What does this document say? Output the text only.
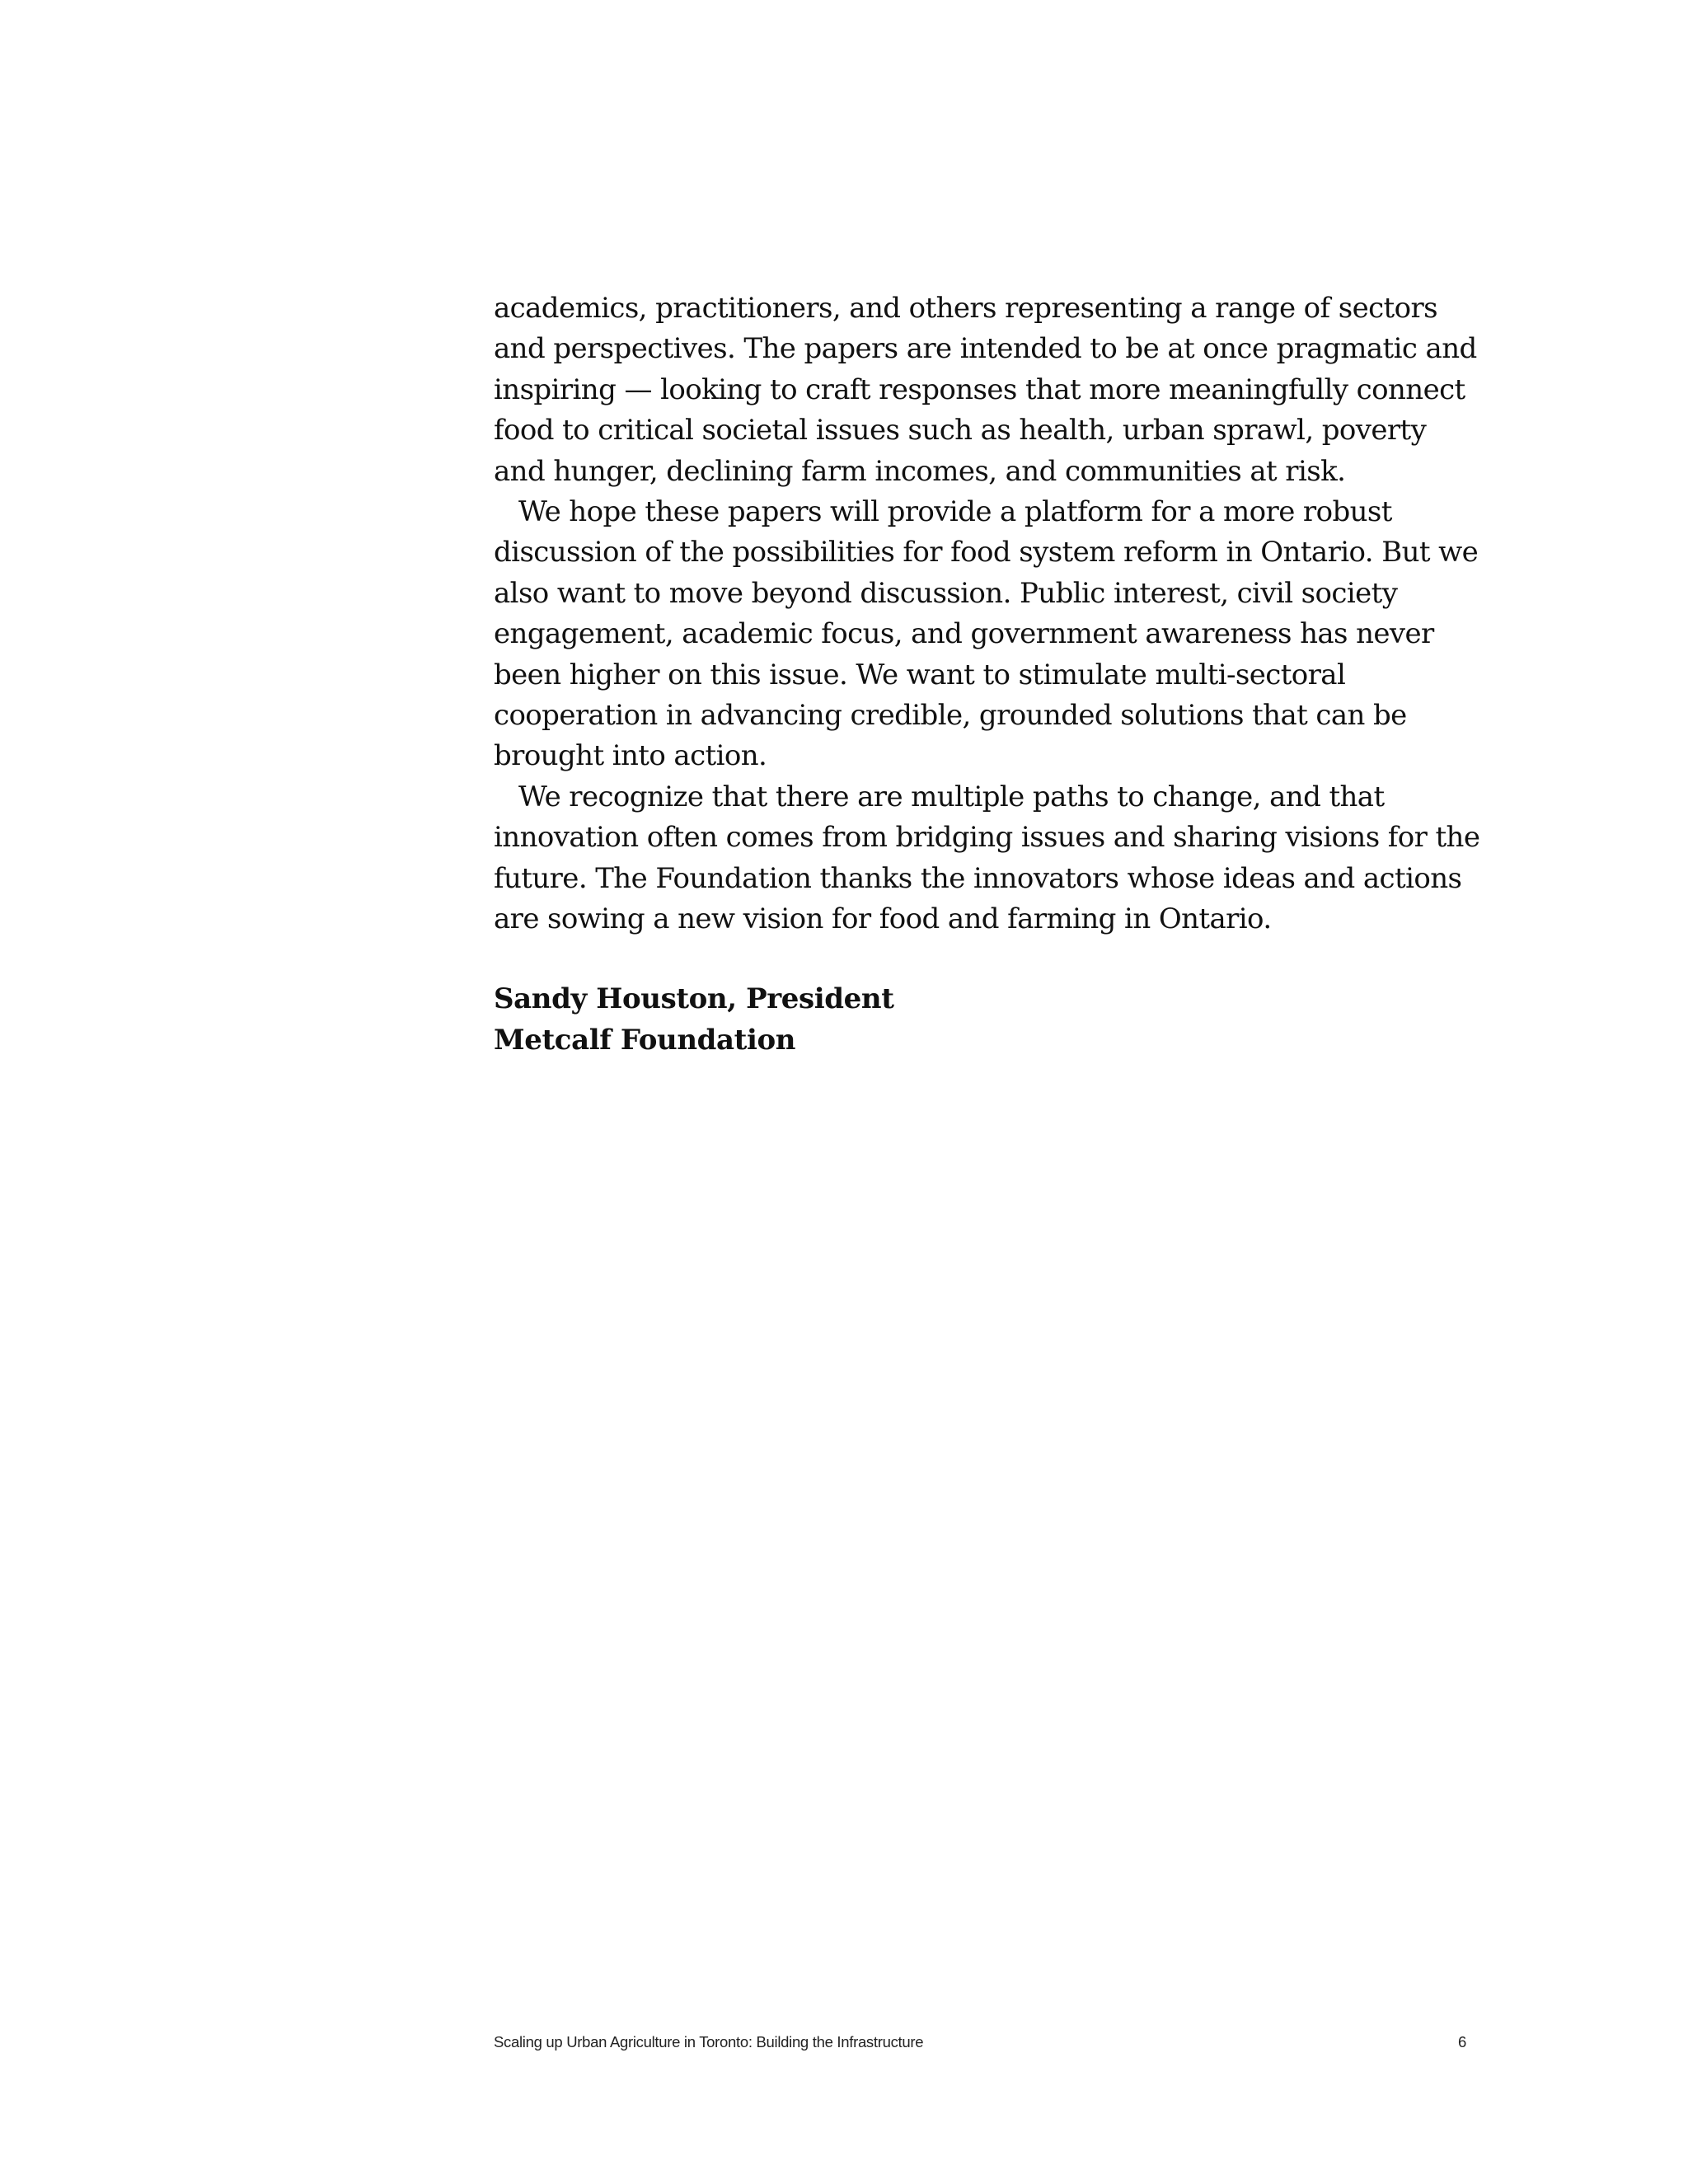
academics, practitioners, and others representing a range of sectors and perspectives. The papers are intended to be at once pragmatic and inspiring — looking to craft responses that more meaningfully connect food to critical societal issues such as health, urban sprawl, poverty and hunger, declining farm incomes, and communities at risk.

We hope these papers will provide a platform for a more robust discussion of the possibilities for food system reform in Ontario. But we also want to move beyond discussion. Public interest, civil society engagement, academic focus, and government awareness has never been higher on this issue. We want to stimulate multi-sectoral cooperation in advancing credible, grounded solutions that can be brought into action.

We recognize that there are multiple paths to change, and that innovation often comes from bridging issues and sharing visions for the future. The Foundation thanks the innovators whose ideas and actions are sowing a new vision for food and farming in Ontario.

Sandy Houston, President
Metcalf Foundation
Scaling up Urban Agriculture in Toronto: Building the Infrastructure	6
